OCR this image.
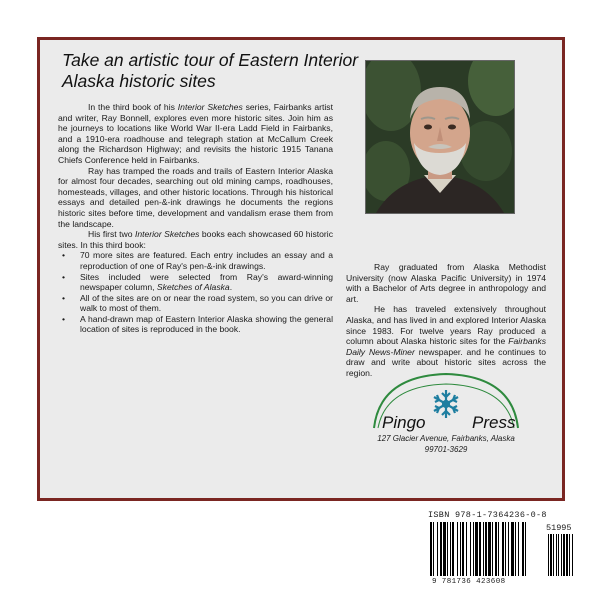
Take an artistic tour of Eastern Interior Alaska historic sites

In the third book of his Interior Sketches series, Fairbanks artist and writer, Ray Bonnell, explores even more historic sites. Join him as he journeys to locations like World War II-era Ladd Field in Fairbanks, and a 1910-era roadhouse and telegraph station at McCallum Creek along the Richardson Highway; and revisits the historic 1915 Tanana Chiefs Conference held in Fairbanks.

Ray has tramped the roads and trails of Eastern Interior Alaska for almost four decades, searching out old mining camps, roadhouses, homesteads, villages, and other historic locations. Through his historical essays and detailed pen-&-ink drawings he documents the regions historic sites before time, development and vandalism erase them from the landscape.

His first two Interior Sketches books each showcased 60 historic sites. In this third book:

• 70 more sites are featured. Each entry includes an essay and a reproduction of one of Ray's pen-&-ink drawings.
• Sites included were selected from Ray's award-winning newspaper column, Sketches of Alaska.
• All of the sites are on or near the road system, so you can drive or walk to most of them.
• A hand-drawn map of Eastern Interior Alaska showing the general location of sites is reproduced in the book.

Ray graduated from Alaska Methodist University (now Alaska Pacific University) in 1974 with a Bachelor of Arts degree in anthropology and art.

He has traveled extensively throughout Alaska, and has lived in and explored Interior Alaska since 1983. For twelve years Ray produced a column about Alaska historic sites for the Fairbanks Daily News-Miner newspaper. and he continues to draw and write about historic sites across the region.

Pingo	Press
127 Glacier Avenue, Fairbanks, Alaska
99701-3629
ISBN 978-1-7364236-0-8
51995
9 781736 423608
